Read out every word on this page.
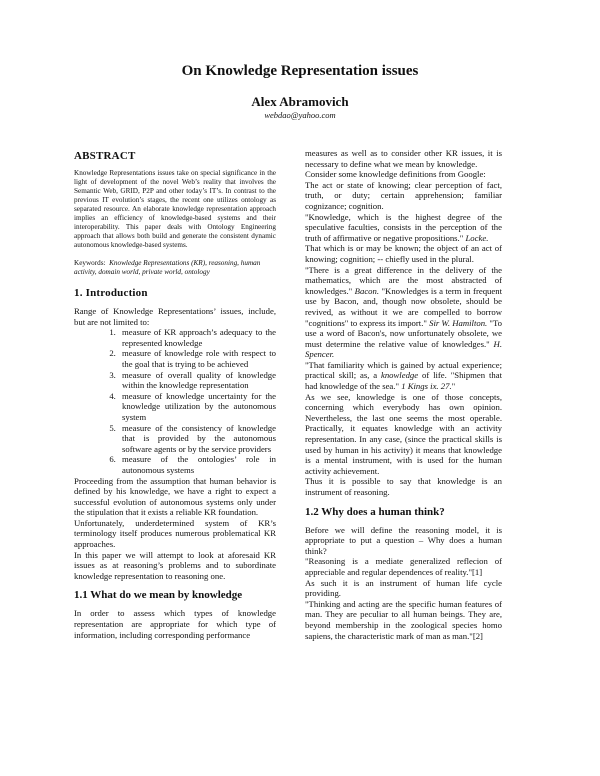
On Knowledge Representation issues
Alex Abramovich
webdao@yahoo.com
ABSTRACT

Knowledge Representations issues take on special significance in the light of development of the novel Web’s reality that involves the Semantic Web, GRID, P2P and other today’s IT’s. In contrast to the previous IT evolution’s stages, the recent one utilizes ontology as separated resource. An elaborate knowledge representation approach implies an efficiency of knowledge-based systems and their interoperability. This paper deals with Ontology Engineering approach that allows both build and generate the consistent dynamic autonomous knowledge-based systems.

Keywords: Knowledge Representations (KR), reasoning, human activity, domain world, private world, ontology

1. Introduction

Range of Knowledge Representations’ issues, include, but are not limited to:

1. measure of KR approach’s adequacy to the represented knowledge
2. measure of knowledge role with respect to the goal that is trying to be achieved
3. measure of overall quality of knowledge within the knowledge representation
4. measure of knowledge uncertainty for the knowledge utilization by the autonomous system
5. measure of the consistency of knowledge that is provided by the autonomous software agents or by the service providers
6. measure of the ontologies’ role in autonomous systems

Proceeding from the assumption that human behavior is defined by his knowledge, we have a right to expect a successful evolution of autonomous systems only under the stipulation that it exists a reliable KR foundation.

Unfortunately, underdetermined system of KR’s terminology itself produces numerous problematical KR approaches.

In this paper we will attempt to look at aforesaid KR issues as at reasoning’s problems and to subordinate knowledge representation to reasoning one.

1.1 What do we mean by knowledge

In order to assess which types of knowledge representation are appropriate for which type of information, including corresponding performance

measures as well as to consider other KR issues, it is necessary to define what we mean by knowledge.

Consider some knowledge definitions from Google:

The act or state of knowing; clear perception of fact, truth, or duty; certain apprehension; familiar cognizance; cognition.

"Knowledge, which is the highest degree of the speculative faculties, consists in the perception of the truth of affirmative or negative propositions." Locke.

That which is or may be known; the object of an act of knowing; cognition; -- chiefly used in the plural.

"There is a great difference in the delivery of the mathematics, which are the most abstracted of knowledges." Bacon. "Knowledges is a term in frequent use by Bacon, and, though now obsolete, should be revived, as without it we are compelled to borrow "cognitions" to express its import." Sir W. Hamilton. "To use a word of Bacon's, now unfortunately obsolete, we must determine the relative value of knowledges." H. Spencer.

"That familiarity which is gained by actual experience; practical skill; as, a knowledge of life. "Shipmen that had knowledge of the sea." 1 Kings ix. 27."

As we see, knowledge is one of those concepts, concerning which everybody has own opinion. Nevertheless, the last one seems the most operable. Practically, it equates knowledge with an activity representation. In any case, (since the practical skills is used by human in his activity) it means that knowledge is a mental instrument, with is used for the human activity achievement.

Thus it is possible to say that knowledge is an instrument of reasoning.

1.2 Why does a human think?

Before we will define the reasoning model, it is appropriate to put a question – Why does a human think?

"Reasoning is a mediate generalized reflecion of appreciable and regular dependences of reality."[1]

As such it is an instrument of human life cycle providing.

"Thinking and acting are the specific human features of man. They are peculiar to all human beings. They are, beyond membership in the zoological species homo sapiens, the characteristic mark of man as man."[2]
